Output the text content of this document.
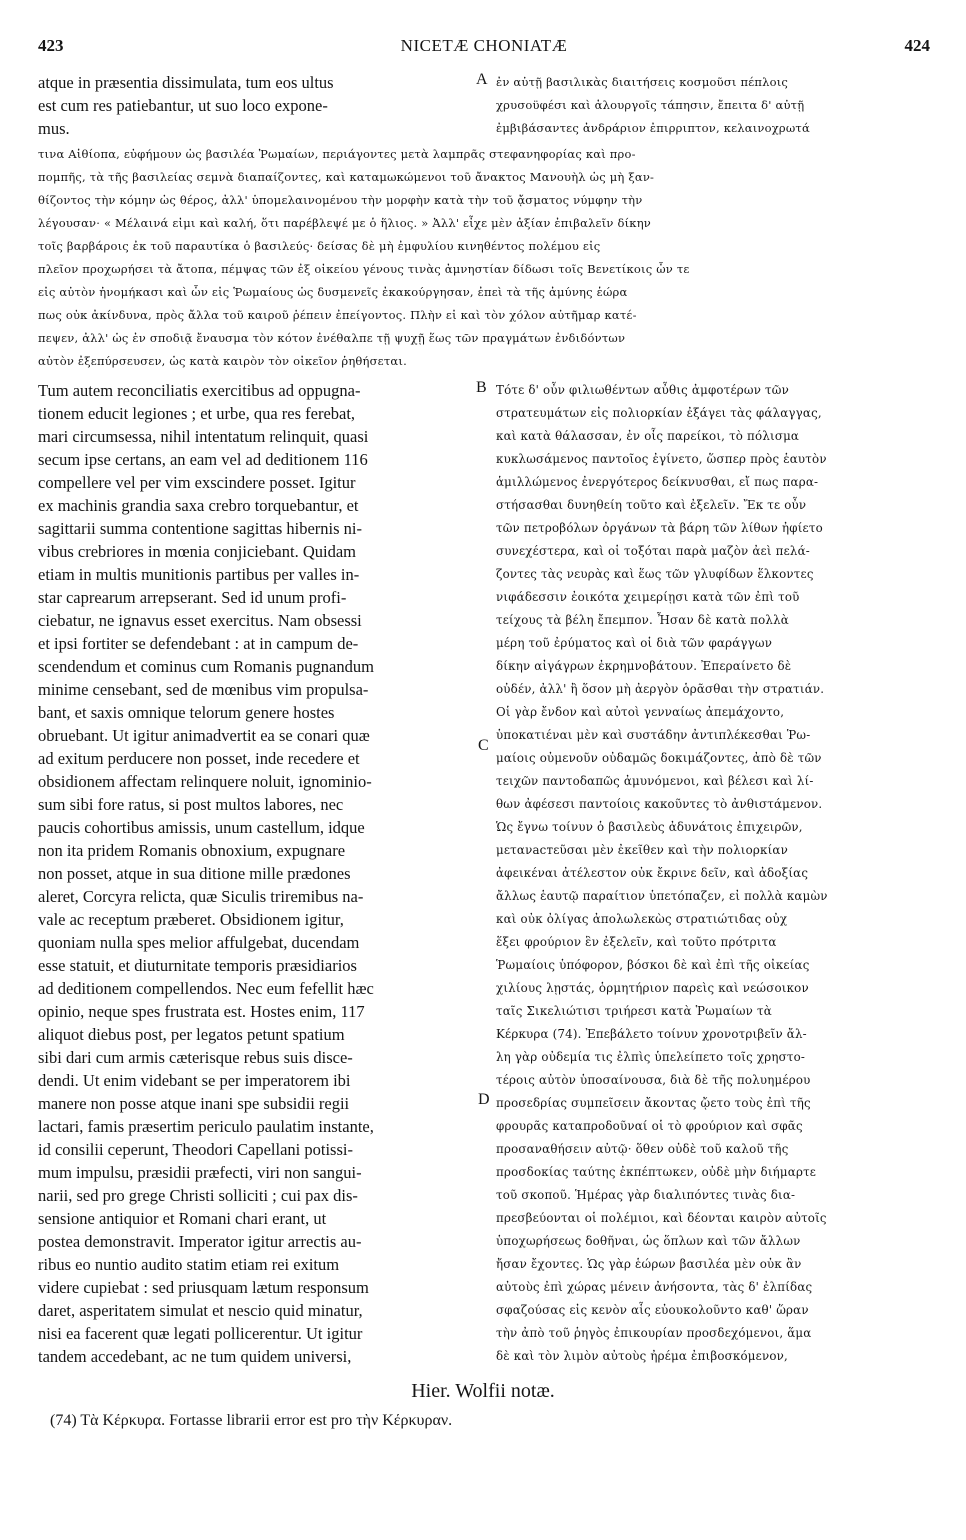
423	NICETÆ CHONIATÆ	424
atque in præsentia dissimulata, tum eos ultus
est cum res patiebantur, ut suo loco expone-
mus.
ἐν αὐτῇ βασιλικὰς διαιτήσεις κοσμοῦσι πέπλοις
χρυσοϋφέσι καὶ ἁλουργοῖς τάπησιν, ἔπειτα δ' αὐτῇ
ἐμβιβάσαντες ἀνδράριον ἐπιρριπτον, κελαινοχρωτά
τινα Αἰθίοπα, εὐφήμουν ὡς βασιλέα Ῥωμαίων, περιάγοντες μετὰ λαμπρᾶς στεφανηφορίας καὶ προ-
πομπῆς, τὰ τῆς βασιλείας σεμνὰ διαπαίζοντες, καὶ καταμωκώμενοι τοῦ ἄνακτος Μανουὴλ ὡς μὴ ξαν-
θίζοντος τὴν κόμην ὡς θέρος, ἀλλ' ὑπομελαινομένου τὴν μορφὴν κατὰ τὴν τοῦ ᾄσματος νύμφην τὴν
λέγουσαν· « Μέλαινά εἰμι καὶ καλή, ὅτι παρέβλεψέ με ὁ ἥλιος. » Ἀλλ' εἶχε μὲν ἀξίαν ἐπιβαλεῖν δίκην
τοῖς βαρβάροις ἐκ τοῦ παραυτίκα ὁ βασιλεύς· δείσας δὲ μὴ ἐμφυλίου κινηθέντος πολέμου εἰς
πλεῖον προχωρήσει τὰ ἄτοπα, πέμψας τῶν ἐξ οἰκείου γένους τινὰς ἀμνηστίαν δίδωσι τοῖς Βενετίκοις ὧν τε
εἰς αὐτὸν ἠνομήκασι καὶ ὧν εἰς Ῥωμαίους ὡς δυσμενεῖς ἐκακούργησαν, ἐπεὶ τὰ τῆς ἀμύνης ἑώρα
πως οὐκ ἀκίνδυνα, πρὸς ἄλλα τοῦ καιροῦ ῥέπειν ἐπείγοντος. Πλὴν εἰ καὶ τὸν χόλον αὐτῆμαρ κατέ-
πεψεν, ἀλλ' ὡς ἐν σποδιᾷ ἔναυσμα τὸν κότον ἐνέθαλπε τῇ ψυχῇ ἕως τῶν πραγμάτων ἐνδιδόντων
αὐτὸν ἐξεπύρσευσεν, ὡς κατὰ καιρὸν τὸν οἰκεῖον ῥηθήσεται.
Tum autem reconciliatis exercitibus ad oppugna-
tionem educit legiones ; et urbe, qua res ferebat,
mari circumsessa, nihil intentatum relinquit, quasi
secum ipse certans, an eam vel ad deditionem 116
compellere vel per vim exscindere posset. Igitur
ex machinis grandia saxa crebro torquebantur, et
sagittarii summa contentione sagittas hibernis ni-
vibus crebriores in mœnia conjiciebant. Quidam
etiam in multis munitionis partibus per valles in-
star caprearum arrepserant. Sed id unum profi-
ciebatur, ne ignavus esset exercitus. Nam obsessi
et ipsi fortiter se defendebant : at in campum de-
scendendum et cominus cum Romanis pugnandum
minime censebant, sed de mœnibus vim propulsa-
bant, et saxis omnique telorum genere hostes
obruebant. Ut igitur animadvertit ea se conari quæ
ad exitum perducere non posset, inde recedere et
obsidionem affectam relinquere noluit, ignominio-
sum sibi fore ratus, si post multos labores, nec
paucis cohortibus amissis, unum castellum, idque
non ita pridem Romanis obnoxium, expugnare
non posset, atque in sua ditione mille prædones
aleret, Corcyra relicta, quæ Siculis triremibus na-
vale ac receptum præberet. Obsidionem igitur,
quoniam nulla spes melior affulgebat, ducendam
esse statuit, et diuturnitate temporis præsidiarios
ad deditionem compellendos. Nec eum fefellit hæc
opinio, neque spes frustrata est. Hostes enim, 117
aliquot diebus post, per legatos petunt spatium
sibi dari cum armis cæterisque rebus suis disce-
dendi. Ut enim videbant se per imperatorem ibi
manere non posse atque inani spe subsidii regii
lactari, famis præsertim periculo paulatim instante,
id consilii ceperunt, Theodori Capellani potissi-
mum impulsu, præsidii præfecti, viri non sangui-
narii, sed pro grege Christi solliciti ; cui pax dis-
sensione antiquior et Romani chari erant, ut
postea demonstravit. Imperator igitur arrectis au-
ribus eo nuntio audito statim etiam rei exitum
videre cupiebat : sed priusquam lætum responsum
daret, asperitatem simulat et nescio quid minatur,
nisi ea facerent quæ legati pollicerentur. Ut igitur
tandem accedebant, ac ne tum quidem universi,
Τότε δ' οὖν φιλιωθέντων αὖθις ἀμφοτέρων τῶν
στρατευμάτων εἰς πολιορκίαν ἐξάγει τὰς φάλαγγας,
καὶ κατὰ θάλασσαν, ἐν οἷς παρείκοι, τὸ πόλισμα
κυκλωσάμενος παντοῖος ἐγίνετο, ὥσπερ πρὸς ἑαυτὸν
ἁμιλλώμενος ἐνεργότερος δείκνυσθαι, εἴ πως παρα-
στήσασθαι δυνηθείη τοῦτο καὶ ἐξελεῖν. Ἔκ τε οὖν
τῶν πετροβόλων ὀργάνων τὰ βάρη τῶν λίθων ἠφίετο
συνεχέστερα, καὶ οἱ τοξόται παρὰ μαζὸν ἀεὶ πελά-
ζοντες τὰς νευρὰς καὶ ἕως τῶν γλυφίδων ἕλκοντες
νιφάδεσσιν ἐοικότα χειμερίῃσι κατὰ τῶν ἐπὶ τοῦ
τείχους τὰ βέλη ἔπεμπον. Ἦσαν δὲ κατὰ πολλὰ
μέρη τοῦ ἐρύματος καὶ οἱ διὰ τῶν φαράγγων
δίκην αἰγάγρων ἐκρημνοβάτουν. Ἐπεραίνετο δὲ
οὐδέν, ἀλλ' ἢ ὅσον μὴ ἀεργὸν ὁρᾶσθαι τὴν στρατιάν.
Οἱ γὰρ ἔνδον καὶ αὐτοὶ γενναίως ἀπεμάχοντο,
ὑποκατιέναι μὲν καὶ συστάδην ἀντιπλέκεσθαι Ῥω-
μαίοις οὐμενοῦν οὐδαμῶς δοκιμάζοντες, ἀπὸ δὲ τῶν
τειχῶν παντοδαπῶς ἀμυνόμενοι, καὶ βέλεσι καὶ λί-
θων ἀφέσεσι παντοίοις κακοῦντες τὸ ἀνθιστάμενον.
Ὡς ἔγνω τοίνυν ὁ βασιλεὺς ἀδυνάτοις ἐπιχειρῶν,
μετανастεῦσαι μὲν ἐκεῖθεν καὶ τὴν πολιορκίαν
ἀφεικέναι ἀτέλεστον οὐκ ἔκρινε δεῖν, καὶ ἀδοξίας
ἄλλως ἑαυτῷ παραίτιον ὑπετόπαζεν, εἰ πολλὰ καμὼν
καὶ οὐκ ὀλίγας ἀπολωλεκὼς στρατιώτιδας οὐχ
ἕξει φρούριον ἓν ἐξελεῖν, καὶ τοῦτο πρότριτα
Ῥωμαίοις ὑπόφορον, βόσκοι δὲ καὶ ἐπὶ τῆς οἰκείας
χιλίους λῃστάς, ὁρμητήριον παρεὶς καὶ νεώσοικον
ταῖς Σικελιώτισι τριήρεσι κατὰ Ῥωμαίων τὰ
Κέρκυρα (74). Ἐπεβάλετο τοίνυν χρονοτριβεῖν ἄλ-
λη γὰρ οὐδεμία τις ἐλπὶς ὑπελείπετο τοῖς χρηστο-
τέροις αὐτὸν ὑποσαίνουσα, διὰ δὲ τῆς πολυημέρου
προσεδρίας συμπεῖσειν ἄκοντας ᾤετο τοὺς ἐπὶ τῆς
φρουρᾶς καταπροδοῦναί οἱ τὸ φρούριον καὶ σφᾶς
προσαναθήσειν αὐτῷ· ὅθεν οὐδὲ τοῦ καλοῦ τῆς
προσδοκίας ταύτης ἐκπέπτωκεν, οὐδὲ μὴν διήμαρτε
τοῦ σκοποῦ. Ἡμέρας γὰρ διαλιπόντες τινὰς δια-
πρεσβεύονται οἱ πολέμιοι, καὶ δέονται καιρὸν αὐτοῖς
ὑποχωρήσεως δοθῆναι, ὡς ὅπλων καὶ τῶν ἄλλων
ἤσαν ἔχοντες. Ὡς γὰρ ἑώρων βασιλέα μὲν οὐκ ἂν
αὐτοὺς ἐπὶ χώρας μένειν ἀνήσοντα, τὰς δ' ἐλπίδας
σφαζούσας εἰς κενὸν αἷς εὐουκολοῦντο καθ' ὥραν
τὴν ἀπὸ τοῦ ῥηγὸς ἐπικουρίαν προσδεχόμενοι, ἅμα
δὲ καὶ τὸν λιμὸν αὐτοὺς ἠρέμα ἐπιβοσκόμενον,
A
B
C
D
Hier. Wolfii notæ.
(74) Τὰ Κέρκυρα. Fortasse librarii error est pro τὴν Κέρκυραν.
